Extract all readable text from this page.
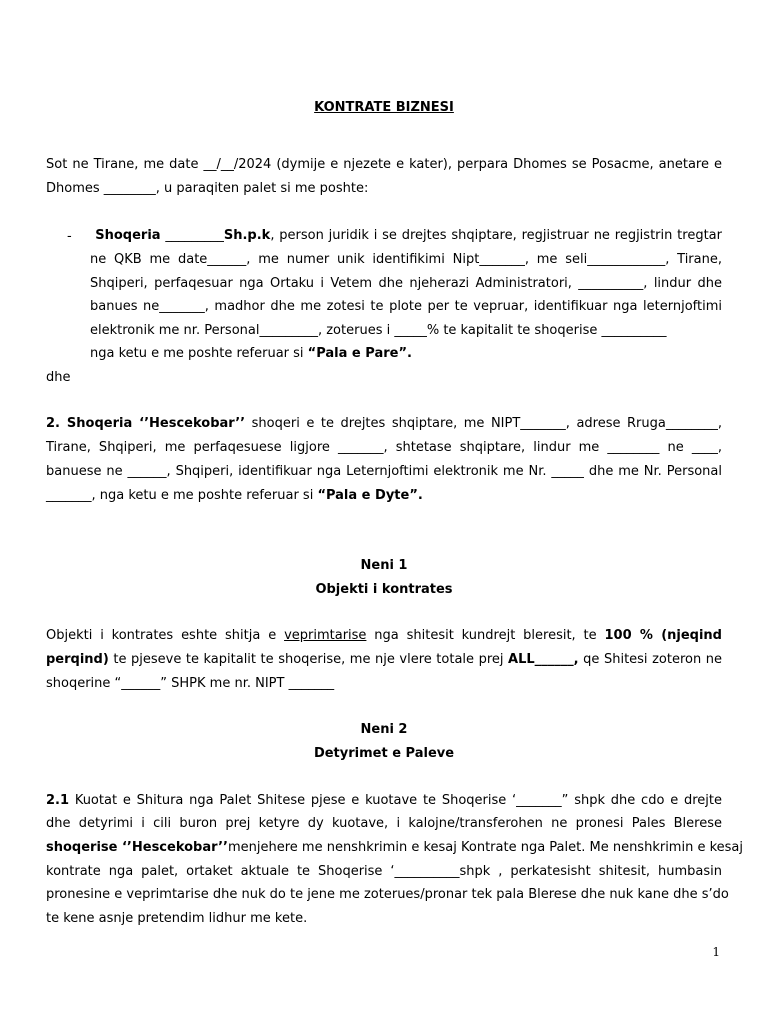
KONTRATE BIZNESI
Sot ne Tirane, me date __/__/2024 (dymije e njezete e kater), perpara Dhomes se Posacme, anetare e
Dhomes ________, u paraqiten palet si me poshte:
- ​ Shoqeria _________Sh.p.k, person juridik i se drejtes shqiptare, regjistruar ne regjistrin tregtar
ne QKB me date______, me numer unik identifikimi Nipt_______, me seli____________, Tirane,
Shqiperi, perfaqesuar nga Ortaku i Vetem dhe njeherazi Administratori, __________, lindur dhe
banues ne_______, madhor dhe me zotesi te plote per te vepruar, identifikuar nga leternjoftimi
elektronik me nr. Personal_________, zoterues i _____% te kapitalit te shoqerise __________
nga ketu e me poshte referuar si “Pala e Pare”.
dhe
2. Shoqeria ‘’Hescekobar’’ shoqeri e te drejtes shqiptare, me NIPT_______, adrese Rruga________,
Tirane, Shqiperi, me perfaqesuese ligjore _______, shtetase shqiptare, lindur me ________ ne ____,
banuese ne ______, Shqiperi, identifikuar nga Leternjoftimi elektronik me Nr. _____ dhe me Nr. Personal
_______, nga ketu e me poshte referuar si “Pala e Dyte”.
Neni 1
Objekti i kontrates
Objekti i kontrates eshte shitja e veprimtarise nga shitesit kundrejt bleresit, te 100 % (njeqind
perqind) te pjeseve te kapitalit te shoqerise, me nje vlere totale prej ALL______, qe Shitesi zoteron ne
shoqerine “______” SHPK me nr. NIPT _______
Neni 2
Detyrimet e Paleve
2.1 Kuotat e Shitura nga Palet Shitese pjese e kuotave te Shoqerise ‘_______” shpk dhe cdo e drejte
dhe detyrimi i cili buron prej ketyre dy kuotave, i kalojne/transferohen ne pronesi Pales Blerese
shoqerise ‘’Hescekobar’’menjehere me nenshkrimin e kesaj Kontrate nga Palet. Me nenshkrimin e kesaj
kontrate nga palet, ortaket aktuale te Shoqerise ‘__________shpk , perkatesisht shitesit, humbasin
pronesine e veprimtarise dhe nuk do te jene me zoterues/pronar tek pala Blerese dhe nuk kane dhe s’do
te kene asnje pretendim lidhur me kete.
1
